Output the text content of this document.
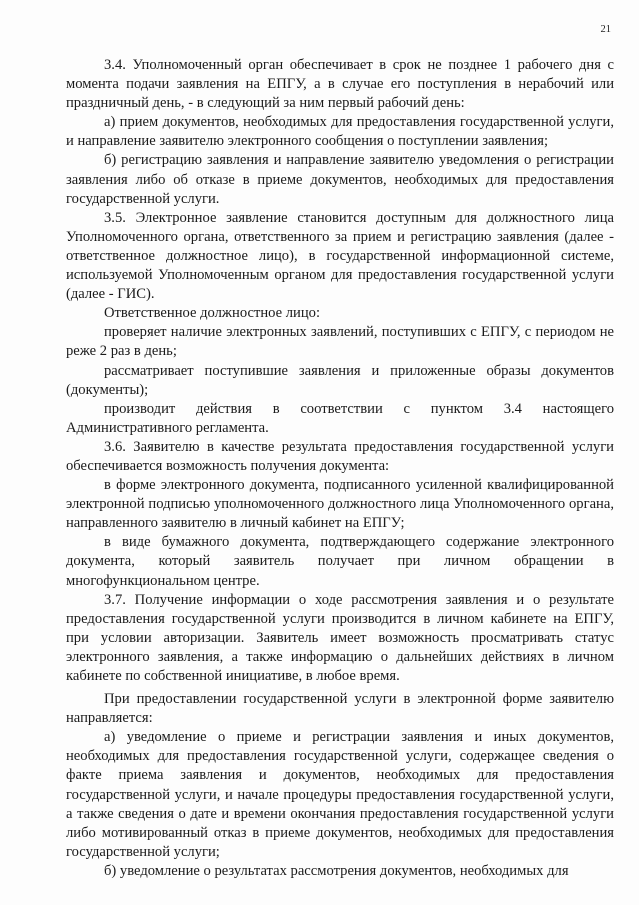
21

3.4. Уполномоченный орган обеспечивает в срок не позднее 1 рабочего дня с момента подачи заявления на ЕПГУ, а в случае его поступления в нерабочий или праздничный день, - в следующий за ним первый рабочий день:

а) прием документов, необходимых для предоставления государственной услуги, и направление заявителю электронного сообщения о поступлении заявления;

б) регистрацию заявления и направление заявителю уведомления о регистрации заявления либо об отказе в приеме документов, необходимых для предоставления государственной услуги.

3.5. Электронное заявление становится доступным для должностного лица Уполномоченного органа, ответственного за прием и регистрацию заявления (далее - ответственное должностное лицо), в государственной информационной системе, используемой Уполномоченным органом для предоставления государственной услуги (далее - ГИС).

Ответственное должностное лицо:

проверяет наличие электронных заявлений, поступивших с ЕПГУ, с периодом не реже 2 раз в день;

рассматривает поступившие заявления и приложенные образы документов (документы);

производит действия в соответствии с пунктом 3.4 настоящего Административного регламента.

3.6. Заявителю в качестве результата предоставления государственной услуги обеспечивается возможность получения документа:

в форме электронного документа, подписанного усиленной квалифицированной электронной подписью уполномоченного должностного лица Уполномоченного органа, направленного заявителю в личный кабинет на ЕПГУ;

в виде бумажного документа, подтверждающего содержание электронного документа, который заявитель получает при личном обращении в многофункциональном центре.

3.7. Получение информации о ходе рассмотрения заявления и о результате предоставления государственной услуги производится в личном кабинете на ЕПГУ, при условии авторизации. Заявитель имеет возможность просматривать статус электронного заявления, а также информацию о дальнейших действиях в личном кабинете по собственной инициативе, в любое время.

При предоставлении государственной услуги в электронной форме заявителю направляется:

а) уведомление о приеме и регистрации заявления и иных документов, необходимых для предоставления государственной услуги, содержащее сведения о факте приема заявления и документов, необходимых для предоставления государственной услуги, и начале процедуры предоставления государственной услуги, а также сведения о дате и времени окончания предоставления государственной услуги либо мотивированный отказ в приеме документов, необходимых для предоставления государственной услуги;

б) уведомление о результатах рассмотрения документов, необходимых для
